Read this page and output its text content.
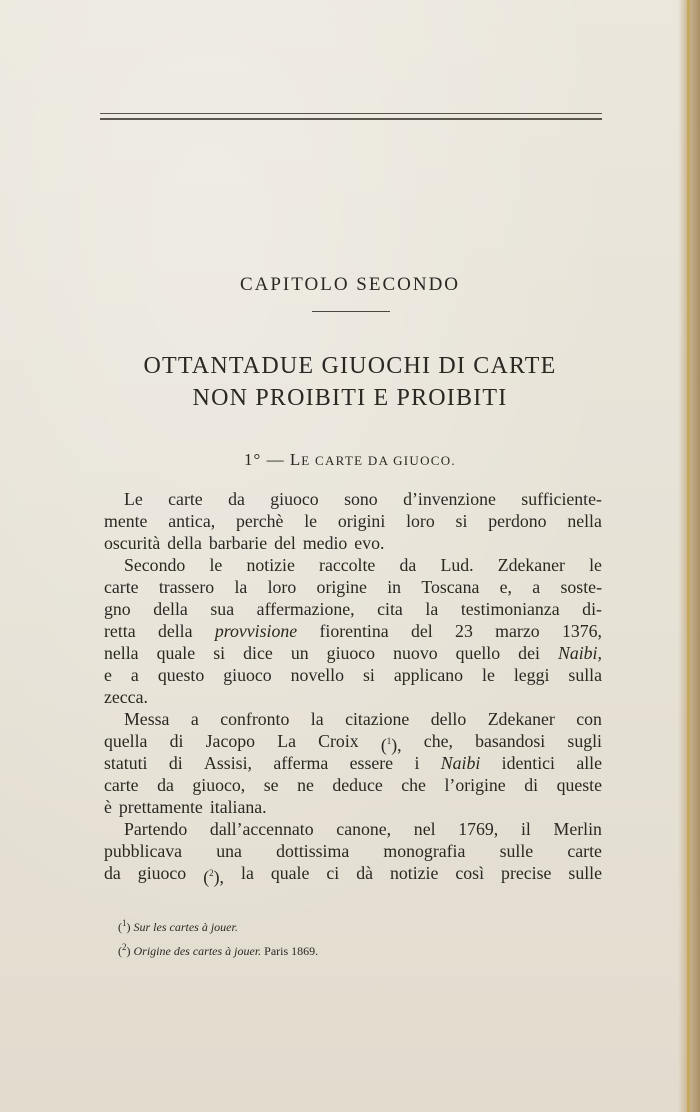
CAPITOLO SECONDO
OTTANTADUE GIUOCHI DI CARTE
NON PROIBITI E PROIBITI
1° — LE CARTE DA GIUOCO.
Le carte da giuoco sono d’invenzione sufficiente-
mente antica, perchè le origini loro si perdono nella
oscurità della barbarie del medio evo.
Secondo le notizie raccolte da Lud. Zdekaner le
carte trassero la loro origine in Toscana e, a soste-
gno della sua affermazione, cita la testimonianza di-
retta della provvisione fiorentina del 23 marzo 1376,
nella quale si dice un giuoco nuovo quello dei Naibi,
e a questo giuoco novello si applicano le leggi sulla
zecca.
Messa a confronto la citazione dello Zdekaner con
quella di Jacopo La Croix ($^1$), che, basandosi sugli
statuti di Assisi, afferma essere i Naibi identici alle
carte da giuoco, se ne deduce che l’origine di queste
è prettamente italiana.
Partendo dall’accennato canone, nel 1769, il Merlin
pubblicava una dottissima monografia sulle carte
da giuoco ($^2$), la quale ci dà notizie così precise sulle
($^1$) Sur les cartes à jouer.
($^2$) Origine des cartes à jouer. Paris 1869.
